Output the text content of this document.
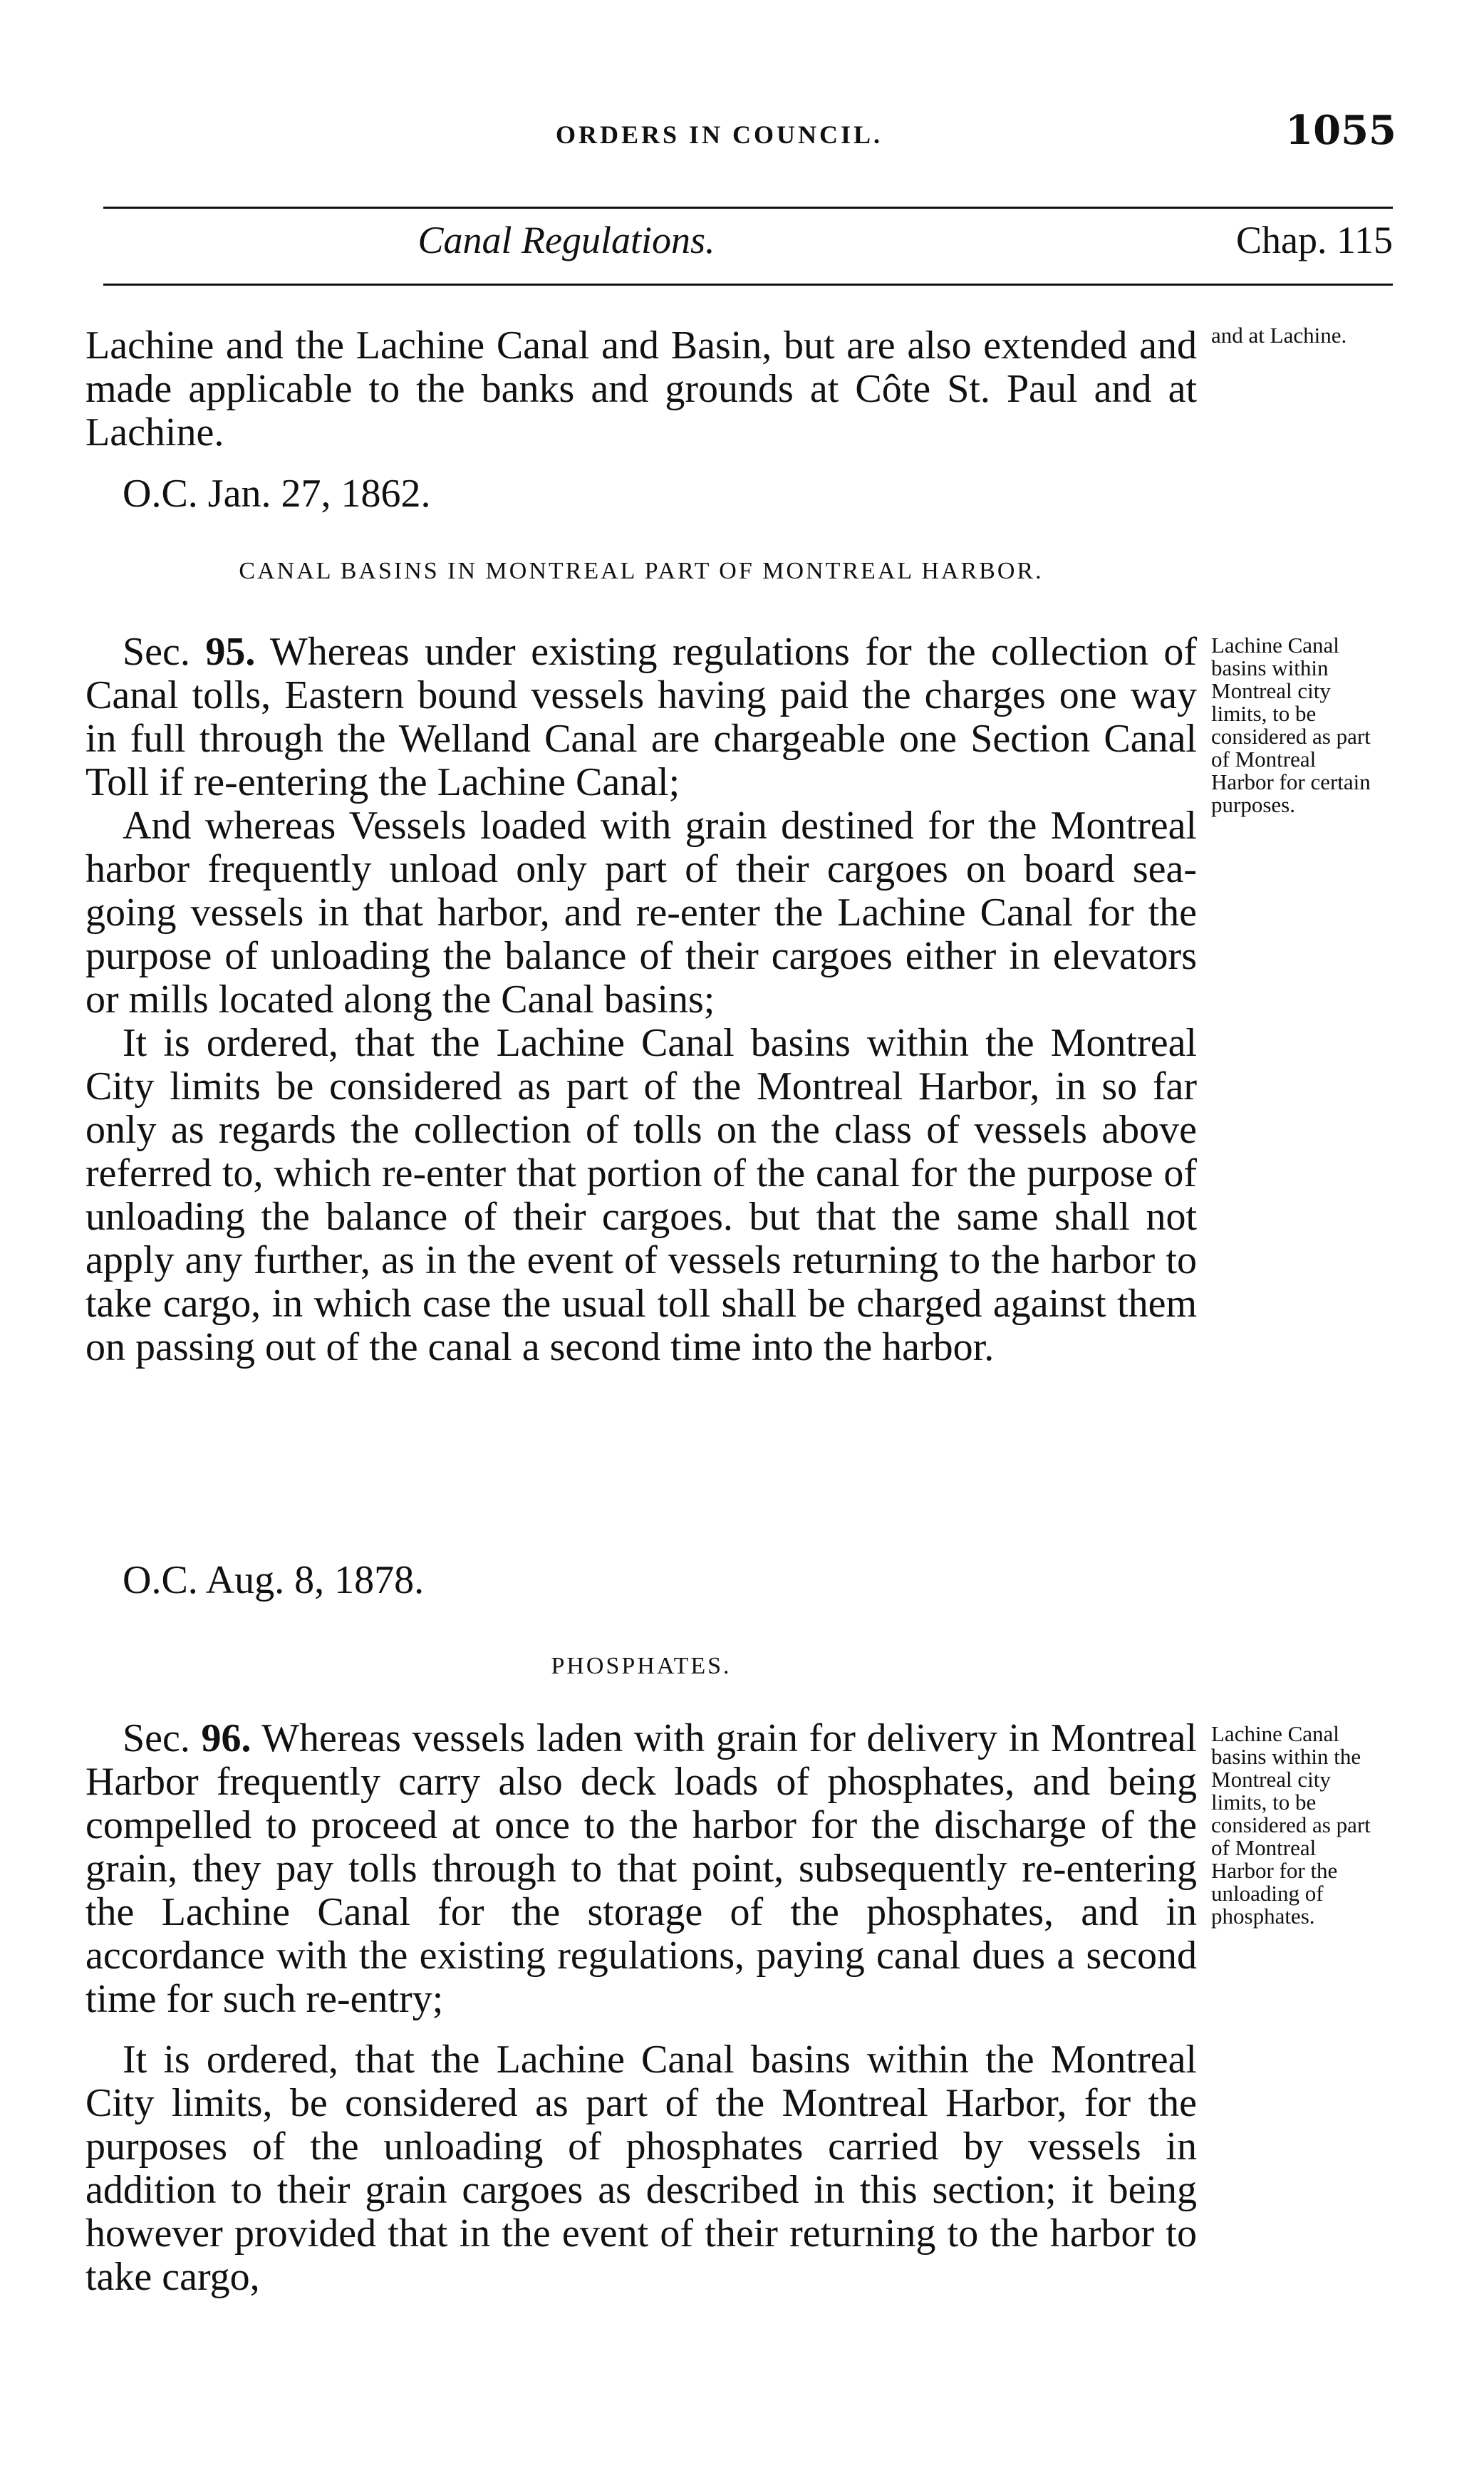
ORDERS IN COUNCIL.	1055
Canal Regulations.	Chap. 115

Lachine and the Lachine Canal and Basin, but are also extended and made applicable to the banks and grounds at Côte St. Paul and at Lachine.

and at Lachine.

O.C. Jan. 27, 1862.

CANAL BASINS IN MONTREAL PART OF MONTREAL HARBOR.

Sec. 95. Whereas under existing regulations for the collection of Canal tolls, Eastern bound vessels having paid the charges one way in full through the Welland Canal are chargeable one Section Canal Toll if re-entering the Lachine Canal;

And whereas Vessels loaded with grain destined for the Montreal harbor frequently unload only part of their cargoes on board sea-going vessels in that harbor, and re-enter the Lachine Canal for the purpose of unloading the balance of their cargoes either in elevators or mills located along the Canal basins;

It is ordered, that the Lachine Canal basins within the Montreal City limits be considered as part of the Montreal Harbor, in so far only as regards the collection of tolls on the class of vessels above referred to, which re-enter that portion of the canal for the purpose of unloading the balance of their cargoes. but that the same shall not apply any further, as in the event of vessels returning to the harbor to take cargo, in which case the usual toll shall be charged against them on passing out of the canal a second time into the harbor.

Lachine Canal basins within Montreal city limits, to be considered as part of Montreal Harbor for certain purposes.

O.C. Aug. 8, 1878.

PHOSPHATES.

Sec. 96. Whereas vessels laden with grain for delivery in Montreal Harbor frequently carry also deck loads of phosphates, and being compelled to proceed at once to the harbor for the discharge of the grain, they pay tolls through to that point, subsequently re-entering the Lachine Canal for the storage of the phosphates, and in accordance with the existing regulations, paying canal dues a second time for such re-entry;

It is ordered, that the Lachine Canal basins within the Montreal City limits, be considered as part of the Montreal Harbor, for the purposes of the unloading of phosphates carried by vessels in addition to their grain cargoes as described in this section; it being however provided that in the event of their returning to the harbor to take cargo,

Lachine Canal basins within the Montreal city limits, to be considered as part of Montreal Harbor for the unloading of phosphates.
